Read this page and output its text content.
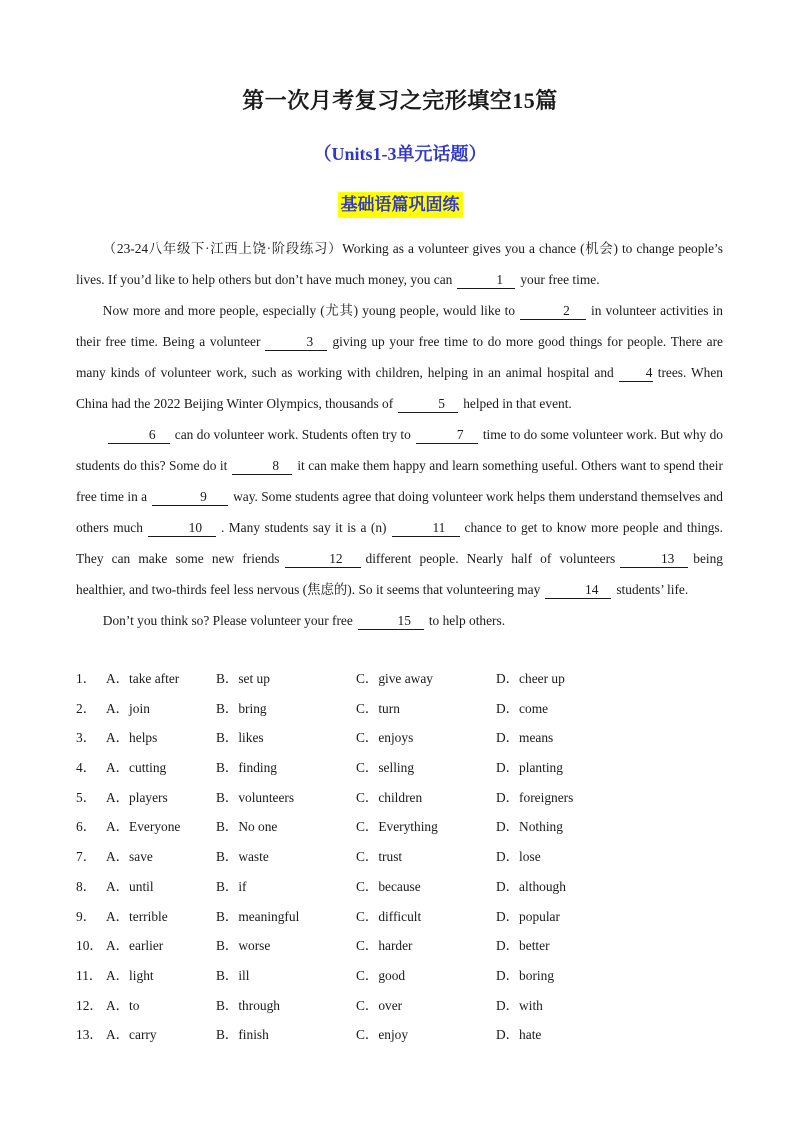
第一次月考复习之完形填空15篇
（Units1-3单元话题）
基础语篇巩固练

（23-24八年级下·江西上饶·阶段练习）Working as a volunteer gives you a chance (机会) to change people’s lives. If you’d like to help others but don’t have much money, you can	1 your free time.

Now more and more people, especially (尤其) young people, would like to	2 in volunteer activities in their free time. Being a volunteer	3 giving up your free time to do more good things for people. There are many kinds of volunteer work, such as working with children, helping in an animal hospital and 4 trees. When China had the 2022 Beijing Winter Olympics, thousands of	5 helped in that event.

6 can do volunteer work. Students often try to	7 time to do some volunteer work. But why do students do this? Some do it	8 it can make them happy and learn something useful. Others want to spend their free time in a	9 way. Some students agree that doing volunteer work helps them understand themselves and others much	10 . Many students say it is a (n)	11 chance to get to know more people and things. They can make some new friends	12 different people. Nearly half of volunteers	13 being healthier, and two-thirds feel less nervous (焦虑的). So it seems that volunteering may	14 students’ life.

Don’t you think so? Please volunteer your free	15 to help others.

1． A．take after	B．set up	C．give away	D．cheer up
2． A．join	B．bring	C．turn	D．come
3． A．helps	B．likes	C．enjoys	D．means
4． A．cutting	B．finding	C．selling	D．planting
5． A．players	B．volunteers	C．children	D．foreigners
6． A．Everyone	B．No one	C．Everything	D．Nothing
7． A．save	B．waste	C．trust	D．lose
8． A．until	B．if	C．because	D．although
9． A．terrible	B．meaningful	C．difficult	D．popular
10． A．earlier	B．worse	C．harder	D．better
11． A．light	B．ill	C．good	D．boring
12． A．to	B．through	C．over	D．with
13． A．carry	B．finish	C．enjoy	D．hate
